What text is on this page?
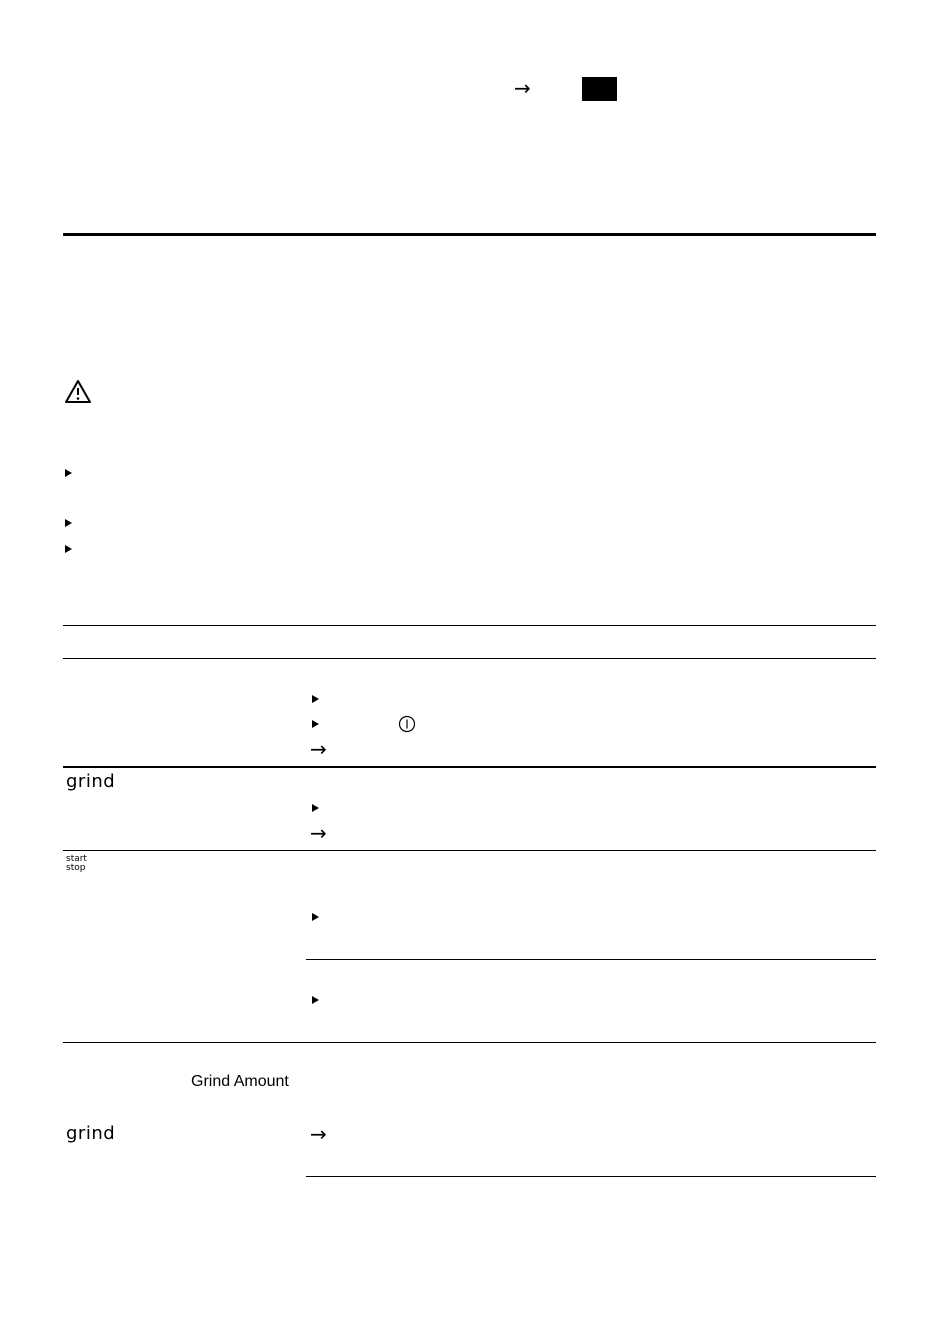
→
→
grind
→
start
stop
Grind Amount
grind	→
